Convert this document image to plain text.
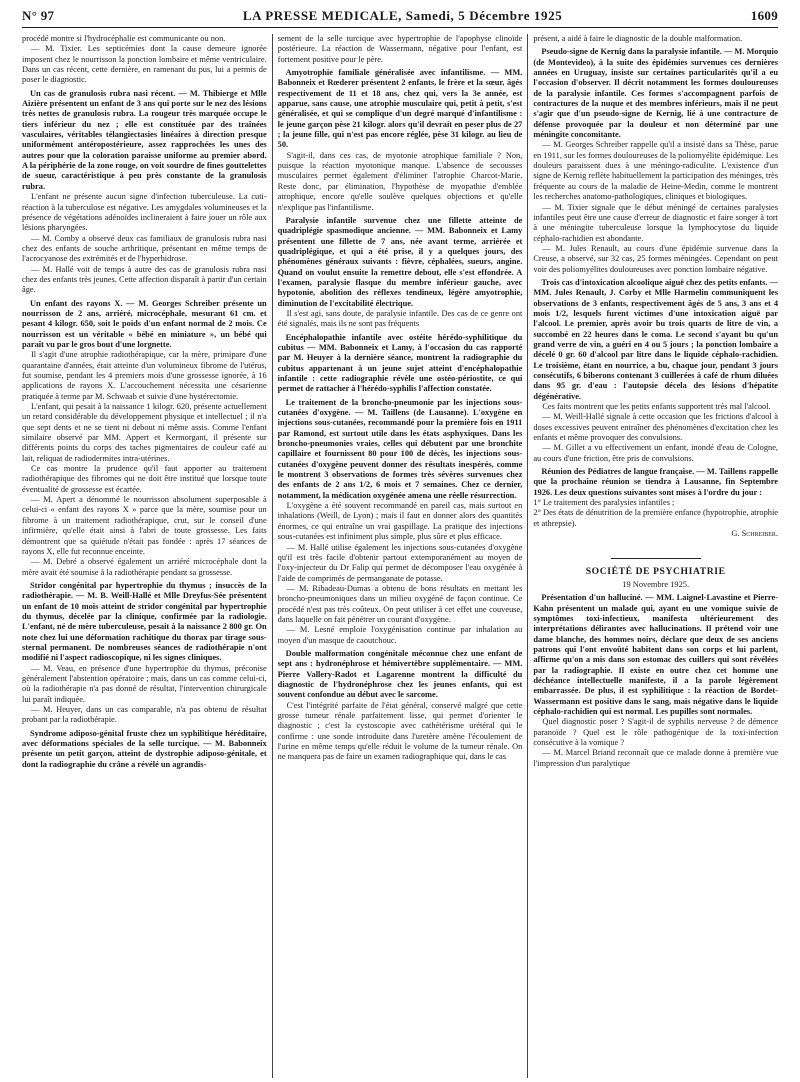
N° 97	LA PRESSE MEDICALE, Samedi, 5 Décembre 1925	1609

procédé montre si l'hydrocéphalie est communicante ou non.

— M. Tixier. Les septicémies dont la cause demeure ignorée imposent chez le nourrisson la ponction lombaire et même ventriculaire. Dans un cas récent, cette dernière, en ramenant du pus, lui a permis de poser le diagnostic.

Un cas de granulosis rubra nasi récent. — M. Thibierge et Mlle Aizière présentent un enfant de 3 ans qui porte sur le nez des lésions très nettes de granulosis rubra. La rougeur très marquée occupe le tiers inférieur du nez ; elle est constituée par des traînées vasculaires, véritables télangiectasies linéaires à direction presque uniformément antéropostérieure, assez rapprochées les unes des autres pour que la coloration paraisse uniforme au premier abord. A la périphérie de la zone rouge, on voit sourdre de fines gouttelettes de sueur, caractéristique à peu près constante de la granulosis rubra.

L'enfant ne présente aucun signe d'infection tuberculeuse. La cuti-réaction à la tuberculose est négative. Les amygdales volumineuses et la présence de végétations adénoïdes inclineraient à faire jouer un rôle aux lésions pharyngées.

— M. Comby a observé deux cas familiaux de granulosis rubra nasi chez des enfants de souche arthritique, présentant en même temps de l'acrocyanose des extrémités et de l'hyperhidrose.

— M. Hallé voit de temps à autre des cas de granulosis rubra nasi chez des enfants très jeunes. Cette affection disparaît à partir d'un certain âge.

Un enfant des rayons X. — M. Georges Schreiber présente un nourrisson de 2 ans, arriéré, microcéphale, mesurant 61 cm. et pesant 4 kilogr. 650, soit le poids d'un enfant normal de 2 mois. Ce nourrisson est un véritable « bébé en miniature », un bébé qui paraît vu par le gros bout d'une lorgnette.

Il s'agit d'une atrophie radiothérapique, car la mère, primipare d'une quarantaine d'années, était atteinte d'un volumineux fibrome de l'utérus, fut soumise, pendant les 4 premiers mois d'une grossesse ignorée, à 16 applications de rayons X. L'accouchement nécessita une césarienne pratiquée à terme par M. Schwaab et suivie d'une hystérectomie.

L'enfant, qui pesait à la naissance 1 kilogr. 620, présente actuellement un retard considérable du développement physique et intellectuel ; il n'a que sept dents et ne se tient ni debout ni même assis. Comme l'enfant similaire observé par MM. Appert et Kermorgant, il présente sur différents points du corps des taches pigmentaires de couleur café au lait, reliquat de radiodermites intra-utérines.

Ce cas montre la prudence qu'il faut apporter au traitement radiothérapique des fibromes qui ne doit être institué que lorsque toute éventualité de grossesse est écartée.

— M. Apert a dénommé le nourrisson absolument superposable à celui-ci « enfant des rayons X » parce que la mère, soumise pour un fibrome à un traitement radiothérapique, crut, sur le conseil d'une infirmière, qu'elle était ainsi à l'abri de toute grossesse. Les faits démontrent que sa quiétude n'était pas fondée : après 17 séances de rayons X, elle fut reconnue enceinte.

— M. Debré a observé également un arriéré microcéphale dont la mère avait été soumise à la radiothérapie pendant sa grossesse.

Stridor congénital par hypertrophie du thymus ; insuccès de la radiothérapie. — M. B. Weill-Hallé et Mlle Dreyfus-Sée présentent un enfant de 10 mois atteint de stridor congénital par hypertrophie du thymus, décelée par la clinique, confirmée par la radiologie. L'enfant, né de mère tuberculeuse, pesait à la naissance 2 800 gr. On note chez lui une déformation rachitique du thorax par tirage sous-sternal permanent. De nombreuses séances de radiothérapie n'ont modifié ni l'aspect radioscopique, ni les signes cliniques.

— M. Veau, en présence d'une hypertrophie du thymus, préconise généralement l'abstention opératoire ; mais, dans un cas comme celui-ci, où la radiothérapie n'a pas donné de résultat, l'intervention chirurgicale lui paraît indiquée.

— M. Heuyer, dans un cas comparable, n'a pas obtenu de résultat probant par la radiothérapie.

Syndrome adiposo-génital fruste chez un syphilitique héréditaire, avec déformations spéciales de la selle turcique. — M. Babonneix présente un petit garçon, atteint de dystrophie adiposo-génitale, et dont la radiographie du crâne a révélé un agrandis-

sement de la selle turcique avec hypertrophie de l'apophyse clinoïde postérieure. La réaction de Wassermann, négative pour l'enfant, est fortement positive pour le père.

Amyotrophie familiale généralisée avec infantilisme. — MM. Babonneix et Rœderer présentent 2 enfants, le frère et la sœur, âgés respectivement de 11 et 18 ans, chez qui, vers la 3e année, est apparue, sans cause, une atrophie musculaire qui, petit à petit, s'est généralisée, et qui se complique d'un degré marqué d'infantilisme : le jeune garçon pèse 21 kilogr. alors qu'il devrait en peser plus de 27 ; la jeune fille, qui n'est pas encore réglée, pèse 31 kilogr. au lieu de 50.

S'agit-il, dans ces cas, de myotonie atrophique familiale ? Non, puisque la réaction myotonique manque. L'absence de secousses musculaires permet également d'éliminer l'atrophie Charcot-Marie. Reste donc, par élimination, l'hypothèse de myopathie d'emblée atrophique, encore qu'elle soulève quelques objections et qu'elle n'explique pas l'infantilisme.

Paralysie infantile survenue chez une fillette atteinte de quadriplégie spasmodique ancienne. — MM. Babonneix et Lamy présentent une fillette de 7 ans, née avant terme, arriérée et quadriplégique, et qui a été prise, il y a quelques jours, des phénomènes généraux suivants : fièvre, céphalées, sueurs, angine. Quand on voulut ensuite la remettre debout, elle s'est effondrée. A l'examen, paralysie flasque du membre inférieur gauche, avec hypotonie, abolition des réflexes tendineux, légère amyotrophie, diminution de l'excitabilité électrique.

Il s'est agi, sans doute, de paralysie infantile. Des cas de ce genre ont été signalés, mais ils ne sont pas fréquents

Encéphalopathie infantile avec ostéite hérédo-syphilitique du cubitus — MM. Babonneix et Lamy, à l'occasion du cas rapporté par M. Heuyer à la dernière séance, montrent la radiographie du cubitus appartenant à un jeune sujet atteint d'encéphalopathie infantile : cette radiographie révèle une ostéo-périostite, ce qui permet de rattacher à l'hérédo-syphilis l'affection constatée.

Le traitement de la broncho-pneumonie par les injections sous-cutanées d'oxygène. — M. Taillens (de Lausanne). L'oxygène en injections sous-cutanées, recommandé pour la première fois en 1911 par Ramond, est surtout utile dans les états asphyxiques. Dans les broncho-pneumonies vraies, celles qui débutent par une bronchite capillaire et fournissent 80 pour 100 de décès, les injections sous-cutanées d'oxygène peuvent donner des résultats inespérés, comme le montrent 3 observations de formes très sévères survenues chez des enfants de 2 ans 1/2, 6 mois et 7 semaines. Chez ce dernier, notamment, la médication oxygénée amena une réelle résurrection.

L'oxygène a été souvent recommandé en pareil cas, mais surtout en inhalations (Weill, de Lyon) ; mais il faut en donner alors des quantités énormes, ce qui entraîne un vrai gaspillage. La pratique des injections sous-cutanées est infiniment plus simple, plus sûre et plus efficace.

— M. Hallé utilise également les injections sous-cutanées d'oxygène qu'il est très facile d'obtenir partout extemporanément au moyen de l'oxy-injecteur du Dr Falip qui permet de décomposer l'eau oxygénée à l'aide de comprimés de permanganate de potasse.

— M. Ribadeau-Dumas a obtenu de bons résultats en mettant les broncho-pneumoniques dans un milieu oxygéné de façon continue. Ce procédé n'est pas très coûteux. On peut utiliser à cet effet une couveuse, dans laquelle on fait pénétrer un courant d'oxygène.

— M. Lesné emploie l'oxygénisation continue par inhalation au moyen d'un masque de caoutchouc.

Double malformation congénitale méconnue chez une enfant de sept ans : hydronéphrose et hémivertèbre supplémentaire. — MM. Pierre Vallery-Radot et Lagarenne montrent la difficulté du diagnostic de l'hydronéphrose chez les jeunes enfants, qui est souvent confondue au début avec le sarcome.

C'est l'intégrité parfaite de l'état général, conservé malgré que cette grosse tumeur rénale parfaitement lisse, qui permet d'orienter le diagnostic ; c'est la cystoscopie avec cathétérisme urétéral qui le confirme : une sonde introduite dans l'uretère amène l'écoulement de l'urine en même temps qu'elle réduit le volume de la tumeur rénale. On ne manquera pas de faire un examen radiographique qui, dans le cas

présent, a aidé à faire le diagnostic de la double malformation.

Pseudo-signe de Kernig dans la paralysie infantile. — M. Morquio (de Montevideo), à la suite des épidémies survenues ces dernières années en Uruguay, insiste sur certaines particularités qu'il a eu l'occasion d'observer. Il décrit notamment les formes douloureuses de la paralysie infantile. Ces formes s'accompagnent parfois de contractures de la nuque et des membres inférieurs, mais il ne peut s'agir que d'un pseudo-signe de Kernig, lié à une contracture de défense provoquée par la douleur et non déterminé par une méningite concomitante.

— M. Georges Schreiber rappelle qu'il a insisté dans sa Thèse, parue en 1911, sur les formes douloureuses de la poliomyélite épidémique. Les douleurs paraissent dues à une méningo-radiculite. L'existence d'un signe de Kernig reflète habituellement la participation des méninges, très fréquente au cours de la maladie de Heine-Medin, comme le montrent les recherches anatomo-pathologiques, cliniques et biologiques.

— M. Tixier signale que le début méningé de certaines paralysies infantiles peut être une cause d'erreur de diagnostic et faire songer à tort à une méningite tuberculeuse lorsque la lymphocytose du liquide céphalo-rachidien est abondante.

— M. Jules Renault, au cours d'une épidémie survenue dans la Creuse, a observé, sur 32 cas, 25 formes méningées. Cependant on peut voir des poliomyélites douloureuses avec ponction lombaire négative.

Trois cas d'intoxication alcoolique aiguë chez des petits enfants. — MM. Jules Renault, J. Corby et Mlle Harmelin communiquent les observations de 3 enfants, respectivement âgés de 5 ans, 3 ans et 4 mois 1/2, lesquels furent victimes d'une intoxication aiguë par l'alcool. Le premier, après avoir bu trois quarts de litre de vin, a succombé en 22 heures dans le coma. Le second s'ayant bu qu'un grand verre de vin, a guéri en 4 ou 5 jours ; la ponction lombaire a décelé 0 gr. 60 d'alcool par litre dans le liquide céphalo-rachidien. Le troisième, étant en nourrice, a bu, chaque jour, pendant 3 jours consécutifs, 6 biberons contenant 3 cuillerées à café de rhum diluées dans 95 gr. d'eau : l'autopsie décela des lésions d'hépatite dégénérative.

Ces faits montrent que les petits enfants supportent très mal l'alcool.

— M. Weill-Hallé signale à cette occasion que les frictions d'alcool à doses excessives peuvent entraîner des phénomènes d'excitation chez les enfants et même provoquer des convulsions.

— M. Gillet a vu effectivement un enfant, inondé d'eau de Cologne, au cours d'une friction, être pris de convulsions.

Réunion des Pédiatres de langue française. — M. Taillens rappelle que la prochaine réunion se tiendra à Lausanne, fin Septembre 1926. Les deux questions suivantes sont mises à l'ordre du jour :

1° Le traitement des paralysies infantiles ;

2° Des états de dénutrition de la première enfance (hypotrophie, atrophie et athrepsie).

G. Schreiber.

SOCIÉTÉ DE PSYCHIATRIE
19 Novembre 1925.

Présentation d'un halluciné. — MM. Laignel-Lavastine et Pierre-Kahn présentent un malade qui, ayant eu une vomique suivie de symptômes toxi-infectieux, manifesta ultérieurement des interprétations délirantes avec hallucinations. Il prétend voir une dame blanche, des hommes noirs, déclare que deux de ses anciens patrons qui l'ont envoûté habitent dans son corps et lui parlent, affirme qu'on a mis dans son estomac des cuillers qui sont révélées par la radiographie. Il existe en outre chez cet homme une déchéance intellectuelle manifeste, il a la parole légèrement embarrassée. De plus, il est syphilitique : la réaction de Bordet-Wassermann est positive dans le sang, mais négative dans le liquide céphalo-rachidien qui est normal. Les pupilles sont normales.

Quel diagnostic poser ? S'agit-il de syphilis nerveuse ? de démence paranoïde ? Quel est le rôle pathogénique de la toxi-infection consécutive à la vomique ?

— M. Marcel Briand reconnaît que ce malade donne à première vue l'impression d'un paralytique
